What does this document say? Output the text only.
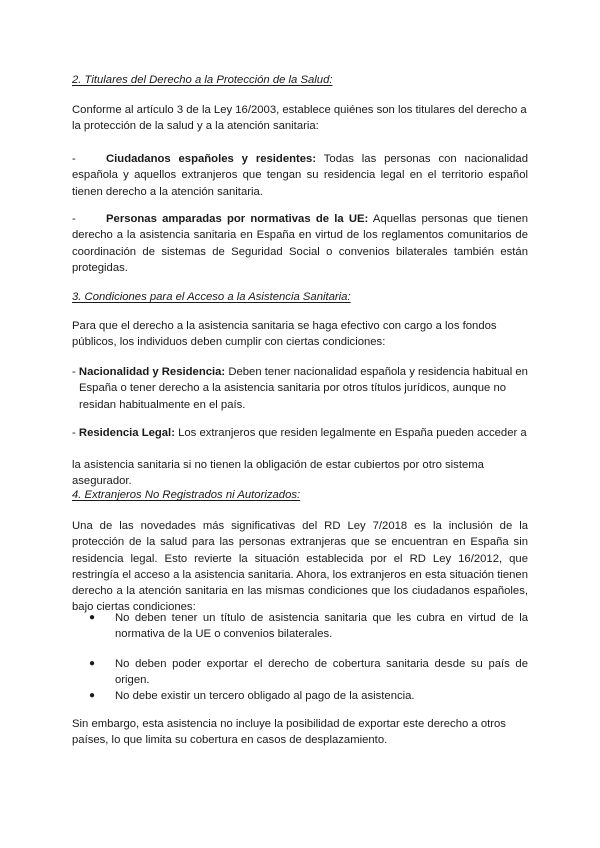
2. Titulares del Derecho a la Protección de la Salud:

Conforme al artículo 3 de la Ley 16/2003, establece quiénes son los titulares del derecho a la protección de la salud y a la atención sanitaria:

-	Ciudadanos españoles y residentes: Todas las personas con nacionalidad española y aquellos extranjeros que tengan su residencia legal en el territorio español tienen derecho a la atención sanitaria.

-	Personas amparadas por normativas de la UE: Aquellas personas que tienen derecho a la asistencia sanitaria en España en virtud de los reglamentos comunitarios de coordinación de sistemas de Seguridad Social o convenios bilaterales también están protegidas.

3. Condiciones para el Acceso a la Asistencia Sanitaria:

Para que el derecho a la asistencia sanitaria se haga efectivo con cargo a los fondos públicos, los individuos deben cumplir con ciertas condiciones:

- Nacionalidad y Residencia: Deben tener nacionalidad española y residencia habitual en España o tener derecho a la asistencia sanitaria por otros títulos jurídicos, aunque no residan habitualmente en el país.

- Residencia Legal: Los extranjeros que residen legalmente en España pueden acceder a

la asistencia sanitaria si no tienen la obligación de estar cubiertos por otro sistema asegurador.

4. Extranjeros No Registrados ni Autorizados:

Una de las novedades más significativas del RD Ley 7/2018 es la inclusión de la protección de la salud para las personas extranjeras que se encuentran en España sin residencia legal. Esto revierte la situación establecida por el RD Ley 16/2012, que restringía el acceso a la asistencia sanitaria. Ahora, los extranjeros en esta situación tienen derecho a la atención sanitaria en las mismas condiciones que los ciudadanos españoles, bajo ciertas condiciones:

● No deben tener un título de asistencia sanitaria que les cubra en virtud de la normativa de la UE o convenios bilaterales.
● No deben poder exportar el derecho de cobertura sanitaria desde su país de origen.
● No debe existir un tercero obligado al pago de la asistencia.

Sin embargo, esta asistencia no incluye la posibilidad de exportar este derecho a otros países, lo que limita su cobertura en casos de desplazamiento.
